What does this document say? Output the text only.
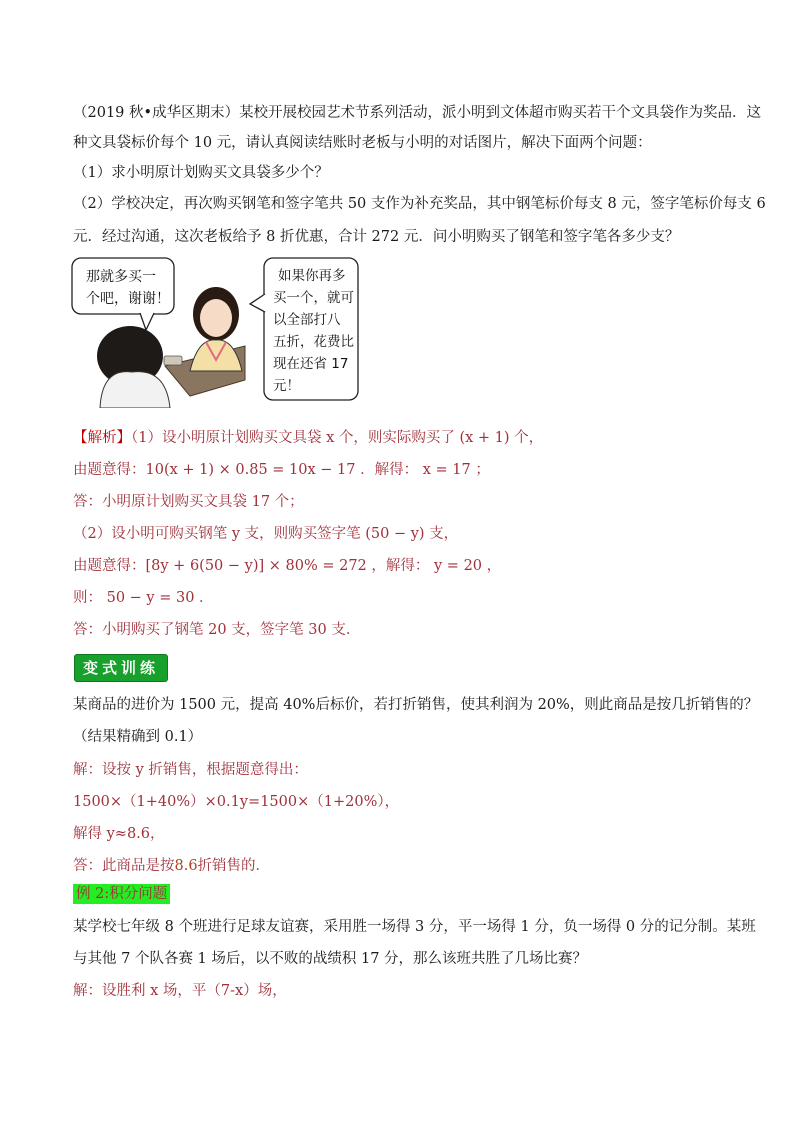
（2019 秋•成华区期末）某校开展校园艺术节系列活动，派小明到文体超市购买若干个文具袋作为奖品．这
种文具袋标价每个 10 元，请认真阅读结账时老板与小明的对话图片，解决下面两个问题：
（1）求小明原计划购买文具袋多少个？
（2）学校决定，再次购买钢笔和签字笔共 50 支作为补充奖品，其中钢笔标价每支 8 元，签字笔标价每支 6
元．经过沟通，这次老板给予 8 折优惠，合计 272 元．问小明购买了钢笔和签字笔各多少支？
那就多买一
个吧，谢谢！
如果你再多
买一个，就可
以全部打八
五折，花费比
现在还省 17
元！
【解析】（1）设小明原计划购买文具袋 x 个，则实际购买了 (x + 1) 个，
由题意得：10(x + 1) × 0.85 = 10x − 17 ．解得： x = 17 ；
答：小明原计划购买文具袋 17 个；
（2）设小明可购买钢笔 y 支，则购买签字笔 (50 − y) 支，
由题意得：[8y + 6(50 − y)] × 80% = 272 ，解得： y = 20 ，
则： 50 − y = 30 ．
答：小明购买了钢笔 20 支，签字笔 30 支．
变式训练
某商品的进价为 1500 元，提高 40%后标价，若打折销售，使其利润为 20%，则此商品是按几折销售的？
（结果精确到 0.1）
解：设按 y 折销售，根据题意得出：
1500×（1+40%）×0.1y=1500×（1+20%），
解得 y≈8.6，
答：此商品是按8.6折销售的．
例 2:积分问题
某学校七年级 8 个班进行足球友谊赛，采用胜一场得 3 分，平一场得 1 分，负一场得 0 分的记分制。某班
与其他 7 个队各赛 1 场后，以不败的战绩积 17 分，那么该班共胜了几场比赛？
解：设胜利 x 场，平（7-x）场，
